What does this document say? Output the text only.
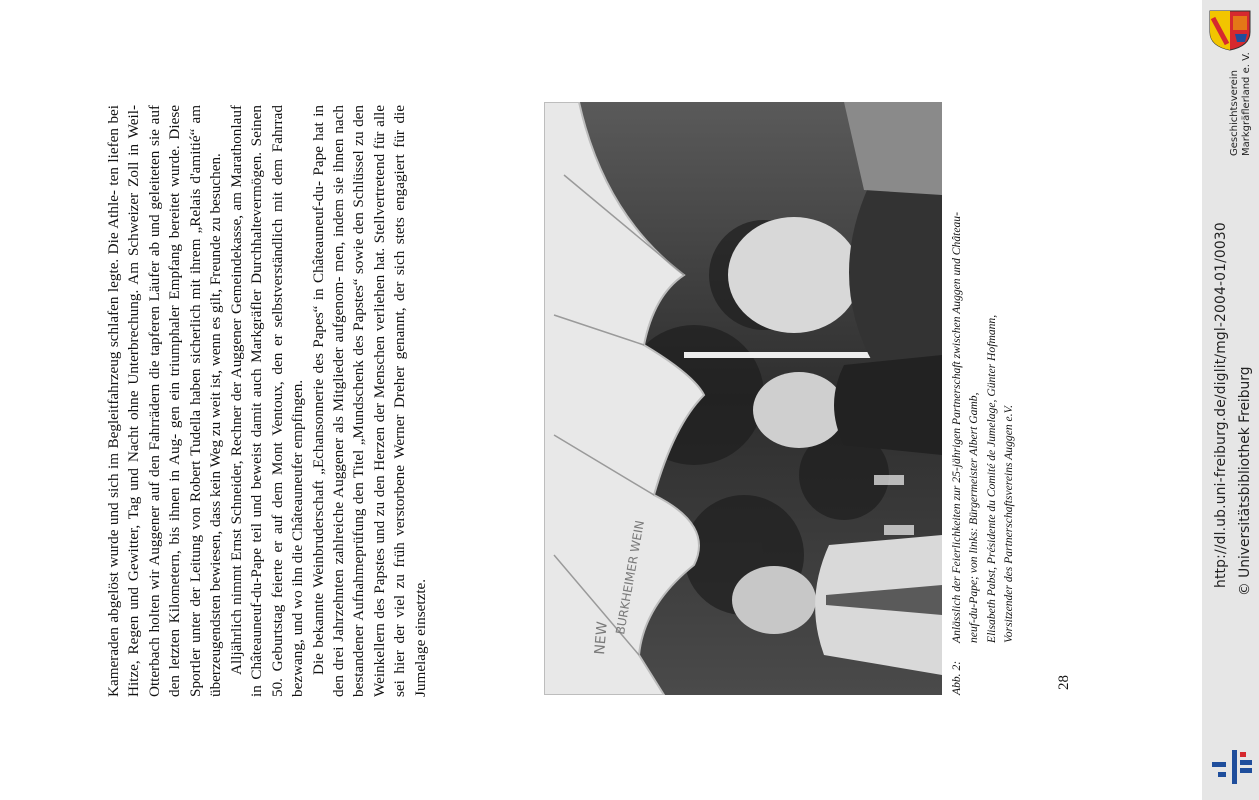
Kameraden abgelöst wurde und sich im Begleitfahrzeug schlafen legte. Die Athle- ten liefen bei Hitze, Regen und Gewitter, Tag und Nacht ohne Unterbrechung. Am Schweizer Zoll in Weil-Otterbach holten wir Auggener auf den Fahrrädern die tapferen Läufer ab und geleiteten sie auf den letzten Kilometern, bis ihnen in Aug- gen ein triumphaler Empfang bereitet wurde. Diese Sportler unter der Leitung von Robert Tudella haben sicherlich mit ihrem „Relais d'amitié“ am überzeugendsten bewiesen, dass kein Weg zu weit ist, wenn es gilt, Freunde zu besuchen. Alljährlich nimmt Ernst Schneider, Rechner der Auggener Gemeindekasse, am Marathonlauf in Châteauneuf-du-Pape teil und beweist damit auch Markgräfler Durchhaltevermögen. Seinen 50. Geburtstag feierte er auf dem Mont Ventoux, den er selbstverständlich mit dem Fahrrad bezwang, und wo ihn die Châteauneufer empfingen. Die bekannte Weinbruderschaft „Echansonnerie des Papes“ in Châteauneuf-du- Pape hat in den drei Jahrzehnten zahlreiche Auggener als Mitglieder aufgenom- men, indem sie ihnen nach bestandener Aufnahmeprüfung den Titel „Mundschenk des Papstes“ sowie den Schlüssel zu den Weinkellern des Papstes und zu den Herzen der Menschen verliehen hat. Stellvertretend für alle sei hier der viel zu früh verstorbene Werner Dreher genannt, der sich stets engagiert für die Jumelage einsetzte.

NEW
BURKHEIMER WEIN
Abb. 2:Anlässlich der Feierlichkeiten zur 25-jährigen Partnerschaft zwischen Auggen und Château- neuf-du-Pape; von links: Bürgermeister Albert Gamb, Elisabeth Pabst, Présidente du Comité de Jumelage, Günter Hofmann, Vorsitzender des Partnerschaftsvereins Auggen e.V.
28
Geschichtsverein Markgräflerland e. V.
http://dl.ub.uni-freiburg.de/diglit/mgl-2004-01/0030 © Universitätsbibliothek Freiburg
